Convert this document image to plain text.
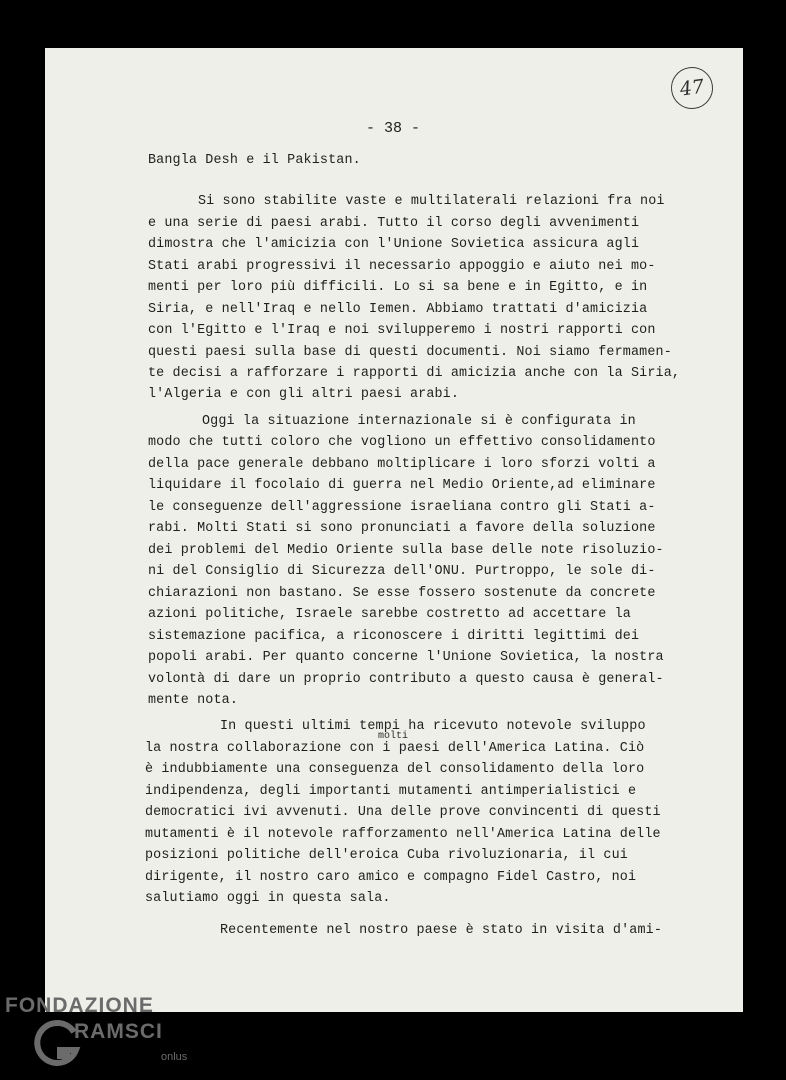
47
- 38 -
Bangla Desh e il Pakistan.
Si sono stabilite vaste e multilaterali relazioni fra noi
e una serie di paesi arabi. Tutto il corso degli avvenimenti
dimostra che l'amicizia con l'Unione Sovietica assicura agli
Stati arabi progressivi il necessario appoggio e aiuto nei mo-
menti per loro più difficili. Lo si sa bene e in Egitto, e in
Siria, e nell'Iraq e nello Iemen. Abbiamo trattati d'amicizia
con l'Egitto e l'Iraq e noi svilupperemo i nostri rapporti con
questi paesi sulla base di questi documenti. Noi siamo fermamen-
te decisi a rafforzare i rapporti di amicizia anche con la Siria,
l'Algeria e con gli altri paesi arabi.
Oggi la situazione internazionale si è configurata in
modo che tutti coloro che vogliono un effettivo consolidamento
della pace generale debbano moltiplicare i loro sforzi volti a
liquidare il focolaio di guerra nel Medio Oriente,ad eliminare
le conseguenze dell'aggressione israeliana contro gli Stati a-
rabi. Molti Stati si sono pronunciati a favore della soluzione
dei problemi del Medio Oriente sulla base delle note risoluzio-
ni del Consiglio di Sicurezza dell'ONU. Purtroppo, le sole di-
chiarazioni non bastano. Se esse fossero sostenute da concrete
azioni politiche, Israele sarebbe costretto ad accettare la
sistemazione pacifica, a riconoscere i diritti legittimi dei
popoli arabi. Per quanto concerne l'Unione Sovietica, la nostra
volontà di dare un proprio contributo a questo causa è general-
mente nota.
In questi ultimi tempi ha ricevuto notevole sviluppo
la nostra collaborazione con i paesi dell'America Latina. Ciò
è indubbiamente una conseguenza del consolidamento della loro
indipendenza, degli importanti mutamenti antimperialistici e
democratici ivi avvenuti. Una delle prove convincenti di questi
mutamenti è il notevole rafforzamento nell'America Latina delle
posizioni politiche dell'eroica Cuba rivoluzionaria, il cui
dirigente, il nostro caro amico e compagno Fidel Castro, noi
salutiamo oggi in questa sala.
Recentemente nel nostro paese è stato in visita d'ami-
molti
FONDAZIONE
RAMSCI
onlus
